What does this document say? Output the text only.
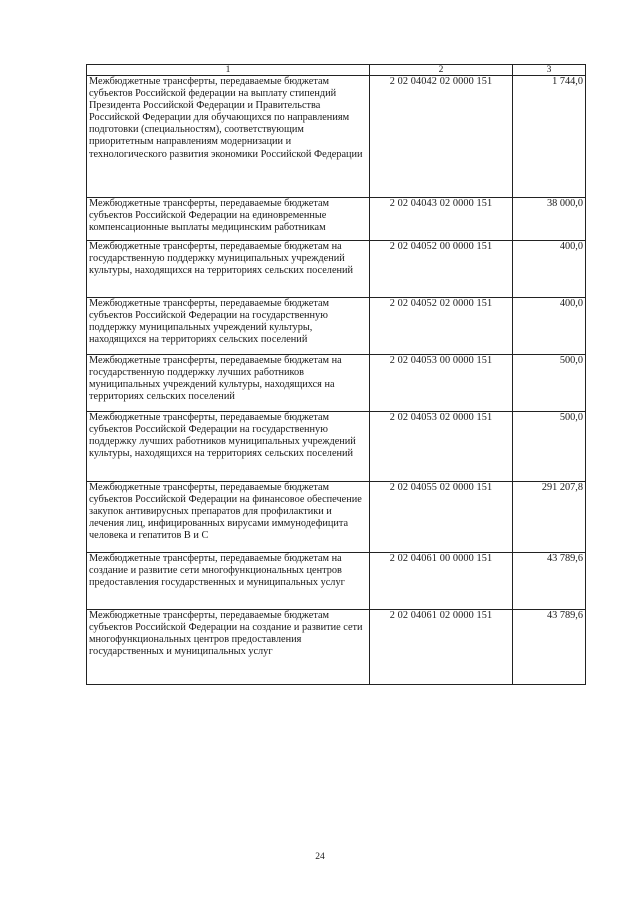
1	2	3
Межбюджетные трансферты, передаваемые бюджетам субъектов Российской федерации на выплату стипендий Президента Российской Федерации и Правительства Российской Федерации для обучающихся по направлениям подготовки (специальностям), соответствующим приоритетным направлениям модернизации и технологического развития экономики Российской Федерации	2 02 04042 02 0000 151	1 744,0
Межбюджетные трансферты, передаваемые бюджетам субъектов Российской Федерации на единовременные компенсационные выплаты медицинским работникам	2 02 04043 02 0000 151	38 000,0
Межбюджетные трансферты, передаваемые бюджетам на государственную поддержку муниципальных учреждений культуры, находящихся на территориях сельских поселений	2 02 04052 00 0000 151	400,0
Межбюджетные трансферты, передаваемые бюджетам субъектов Российской Федерации на государственную поддержку муниципальных учреждений культуры, находящихся на территориях сельских поселений	2 02 04052 02 0000 151	400,0
Межбюджетные трансферты, передаваемые бюджетам на государственную поддержку лучших работников муниципальных учреждений культуры, находящихся на территориях сельских поселений	2 02 04053 00 0000 151	500,0
Межбюджетные трансферты, передаваемые бюджетам субъектов Российской Федерации на государственную поддержку лучших работников муниципальных учреждений культуры, находящихся на территориях сельских поселений	2 02 04053 02 0000 151	500,0
Межбюджетные трансферты, передаваемые бюджетам субъектов Российской Федерации на финансовое обеспечение закупок антивирусных препаратов для профилактики и лечения лиц, инфицированных вирусами иммунодефицита человека и гепатитов В и С	2 02 04055 02 0000 151	291 207,8
Межбюджетные трансферты, передаваемые бюджетам на создание и развитие сети многофункциональных центров предоставления государственных и муниципальных услуг	2 02 04061 00 0000 151	43 789,6
Межбюджетные трансферты, передаваемые бюджетам субъектов Российской Федерации на создание и развитие сети многофункциональных центров предоставления государственных и муниципальных услуг	2 02 04061 02 0000 151	43 789,6
24
